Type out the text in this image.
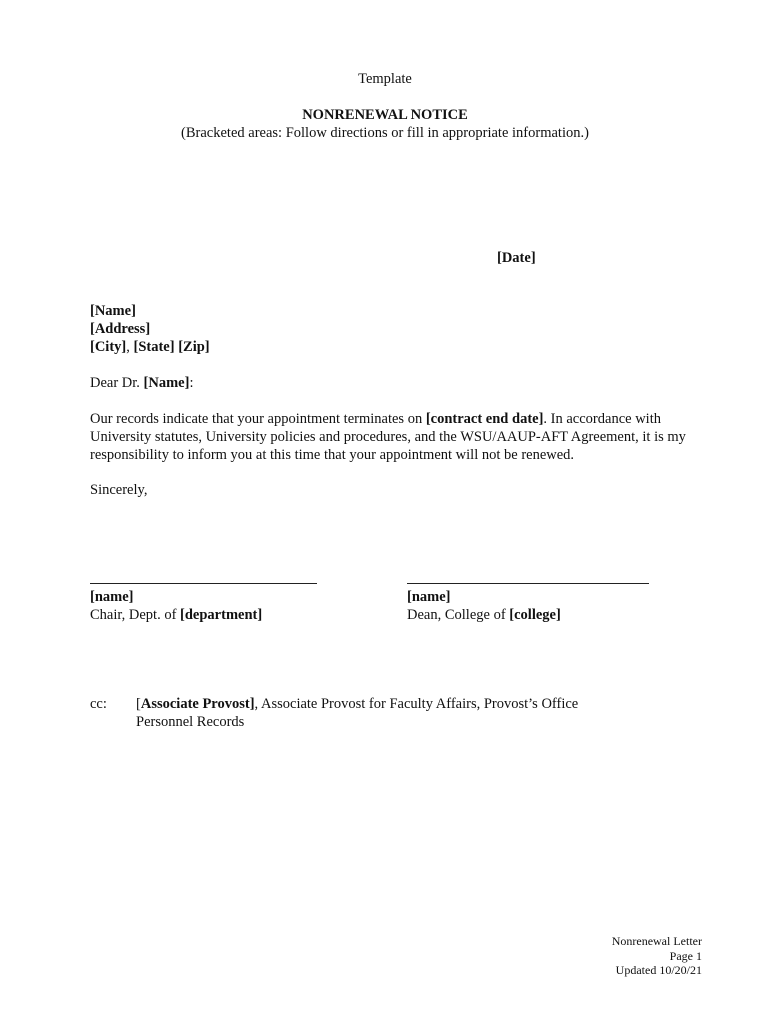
Template
NONRENEWAL NOTICE
(Bracketed areas: Follow directions or fill in appropriate information.)
[Date]
[Name]
[Address]
[City], [State] [Zip]
Dear Dr. [Name]:
Our records indicate that your appointment terminates on [contract end date]. In accordance with University statutes, University policies and procedures, and the WSU/AAUP-AFT Agreement, it is my responsibility to inform you at this time that your appointment will not be renewed.
Sincerely,
[name]
Chair, Dept. of [department]
[name]
Dean, College of [college]
cc: [Associate Provost], Associate Provost for Faculty Affairs, Provost’s Office
Personnel Records
Nonrenewal Letter
Page 1
Updated 10/20/21
